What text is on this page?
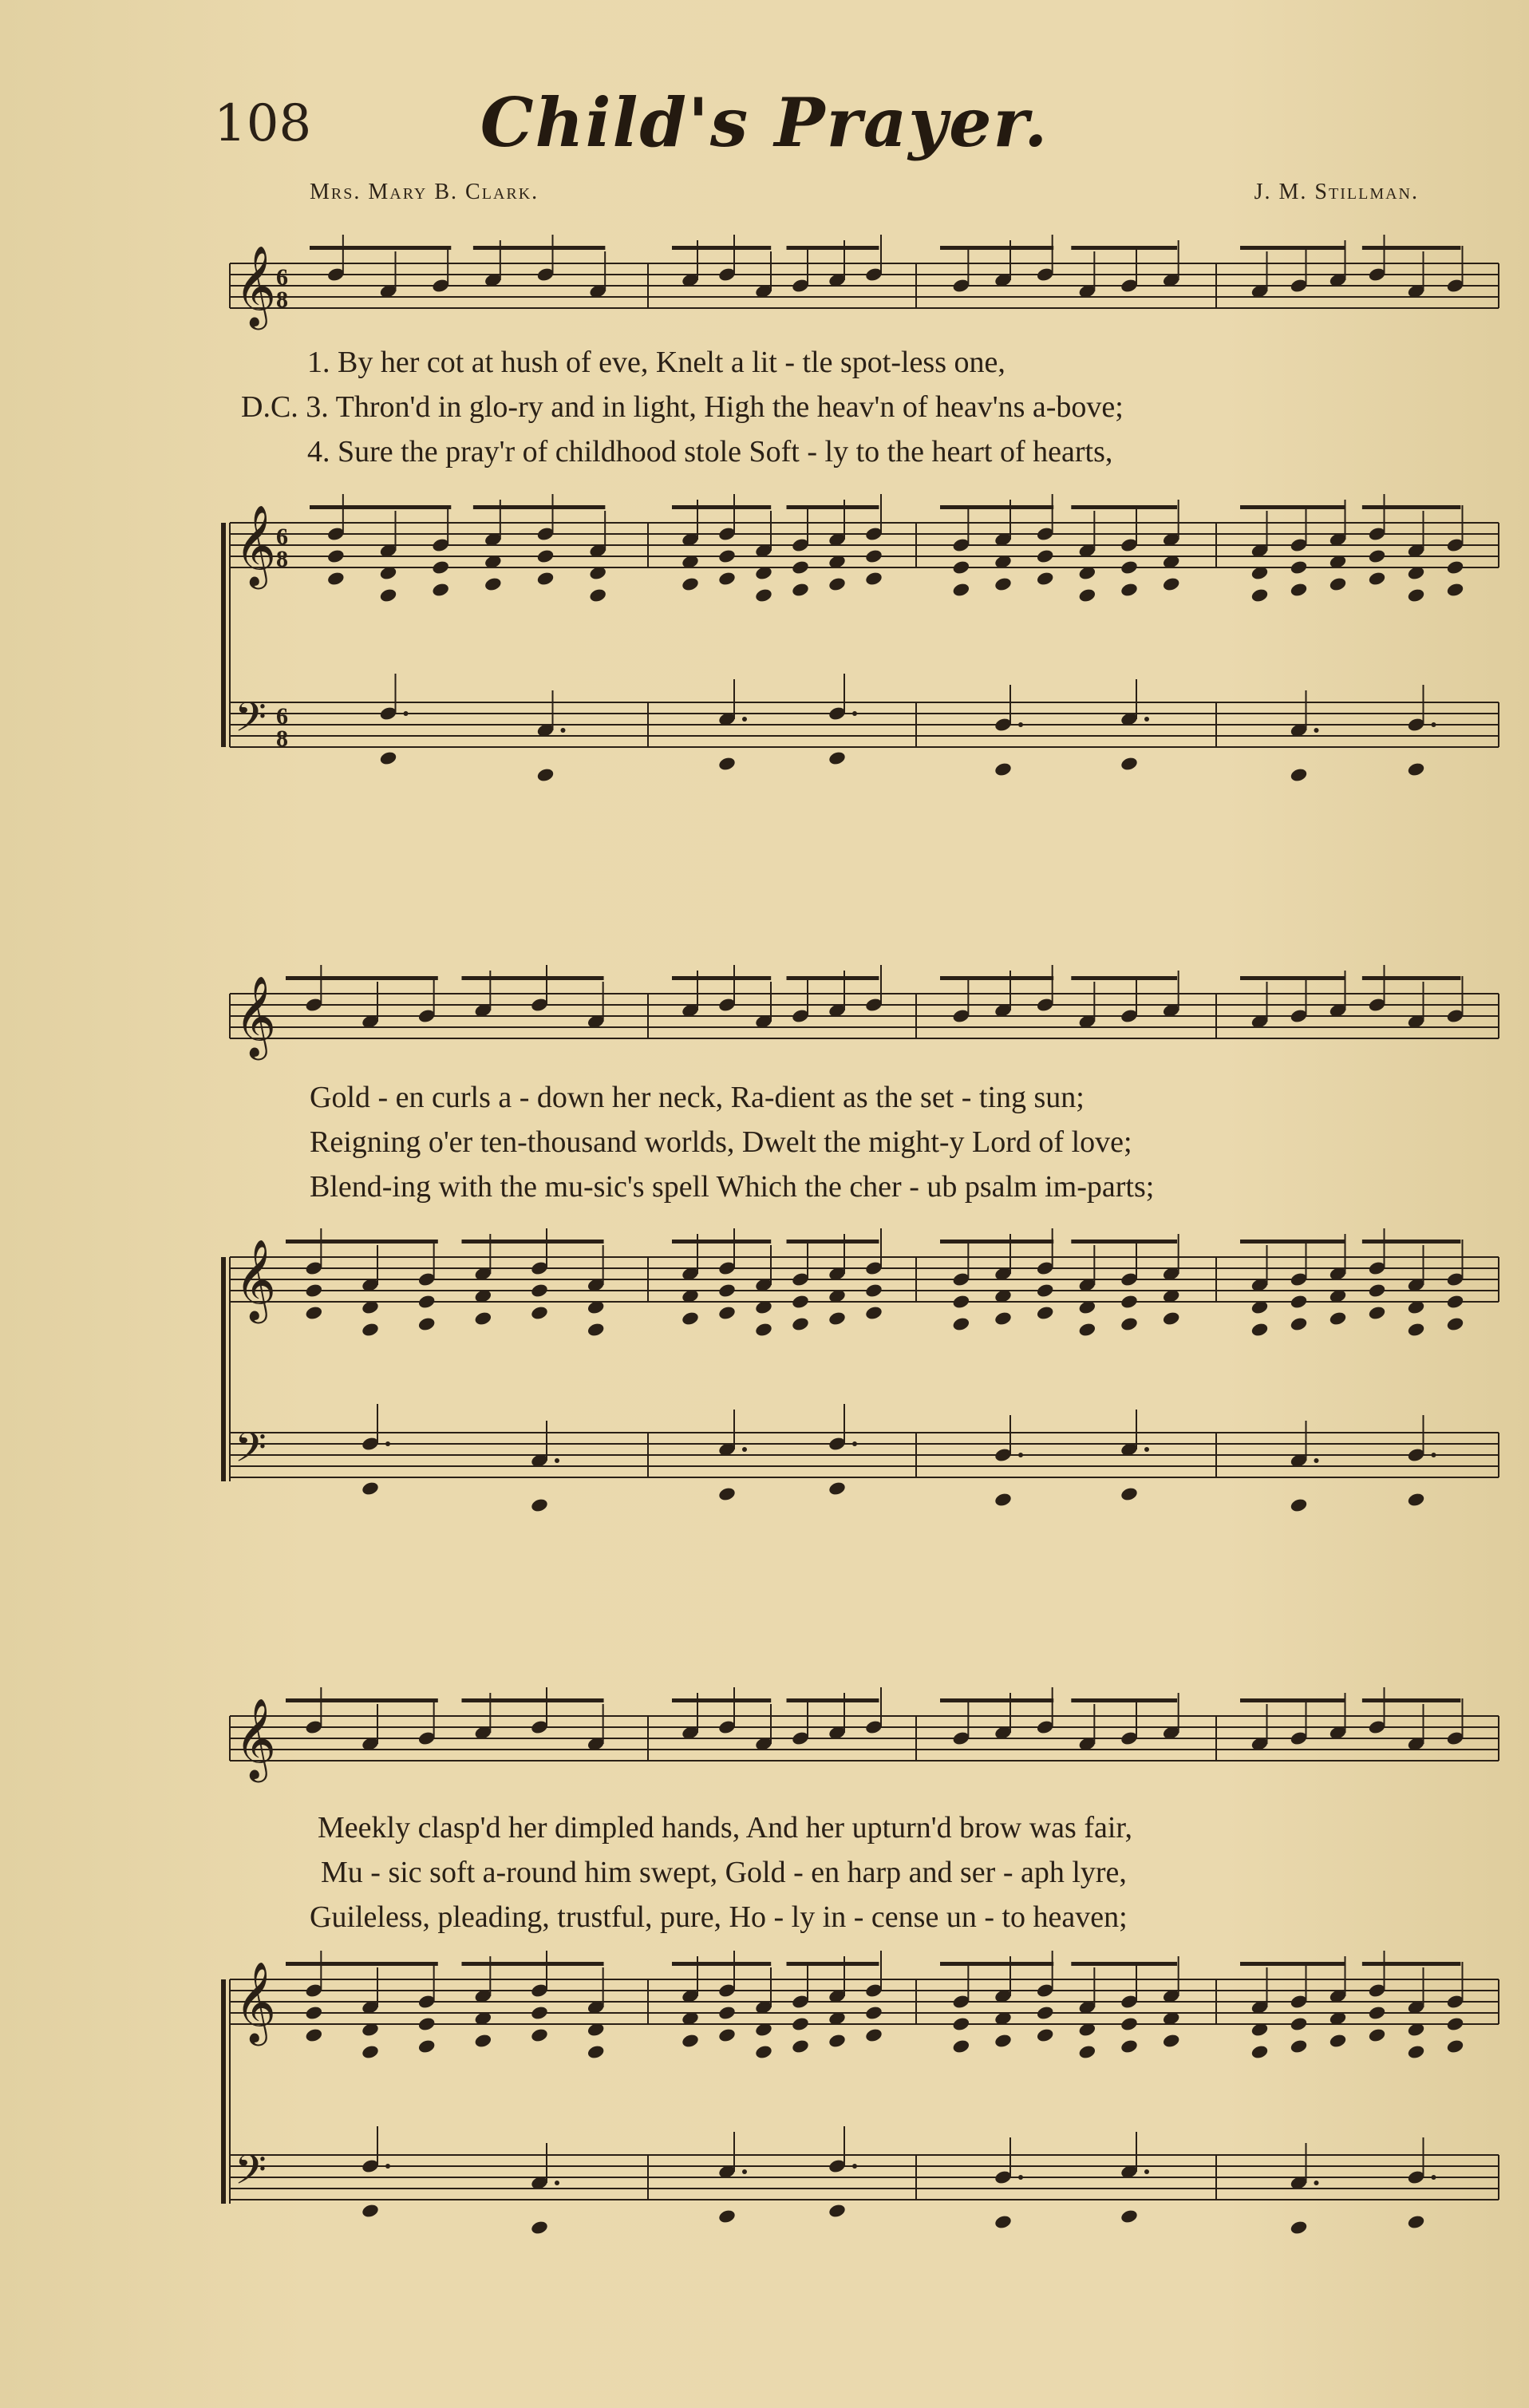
108	Child's Prayer.
Mrs. Mary B. Clark.	J. M. Stillman.
𝄞 6
8
1. By her cot at hush of eve, Knelt a lit - tle spot-less one,
D.C. 3. Thron'd in glo-ry and in light, High the heav'n of heav'ns a-bove;
4. Sure the pray'r of childhood stole Soft - ly to the heart of hearts,
𝄞 6
8
𝄢 6
8
𝄞
Gold - en curls a - down her neck, Ra-dient as the set - ting sun;
Reigning o'er ten-thousand worlds, Dwelt the might-y Lord of love;
Blend-ing with the mu-sic's spell Which the cher - ub psalm im-parts;
𝄞
𝄢
𝄞
Meekly clasp'd her dimpled hands, And her upturn'd brow was fair,
Mu - sic soft a-round him swept, Gold - en harp and ser - aph lyre,
Guileless, pleading, trustful, pure, Ho - ly in - cense un - to heaven;
𝄞
𝄢
